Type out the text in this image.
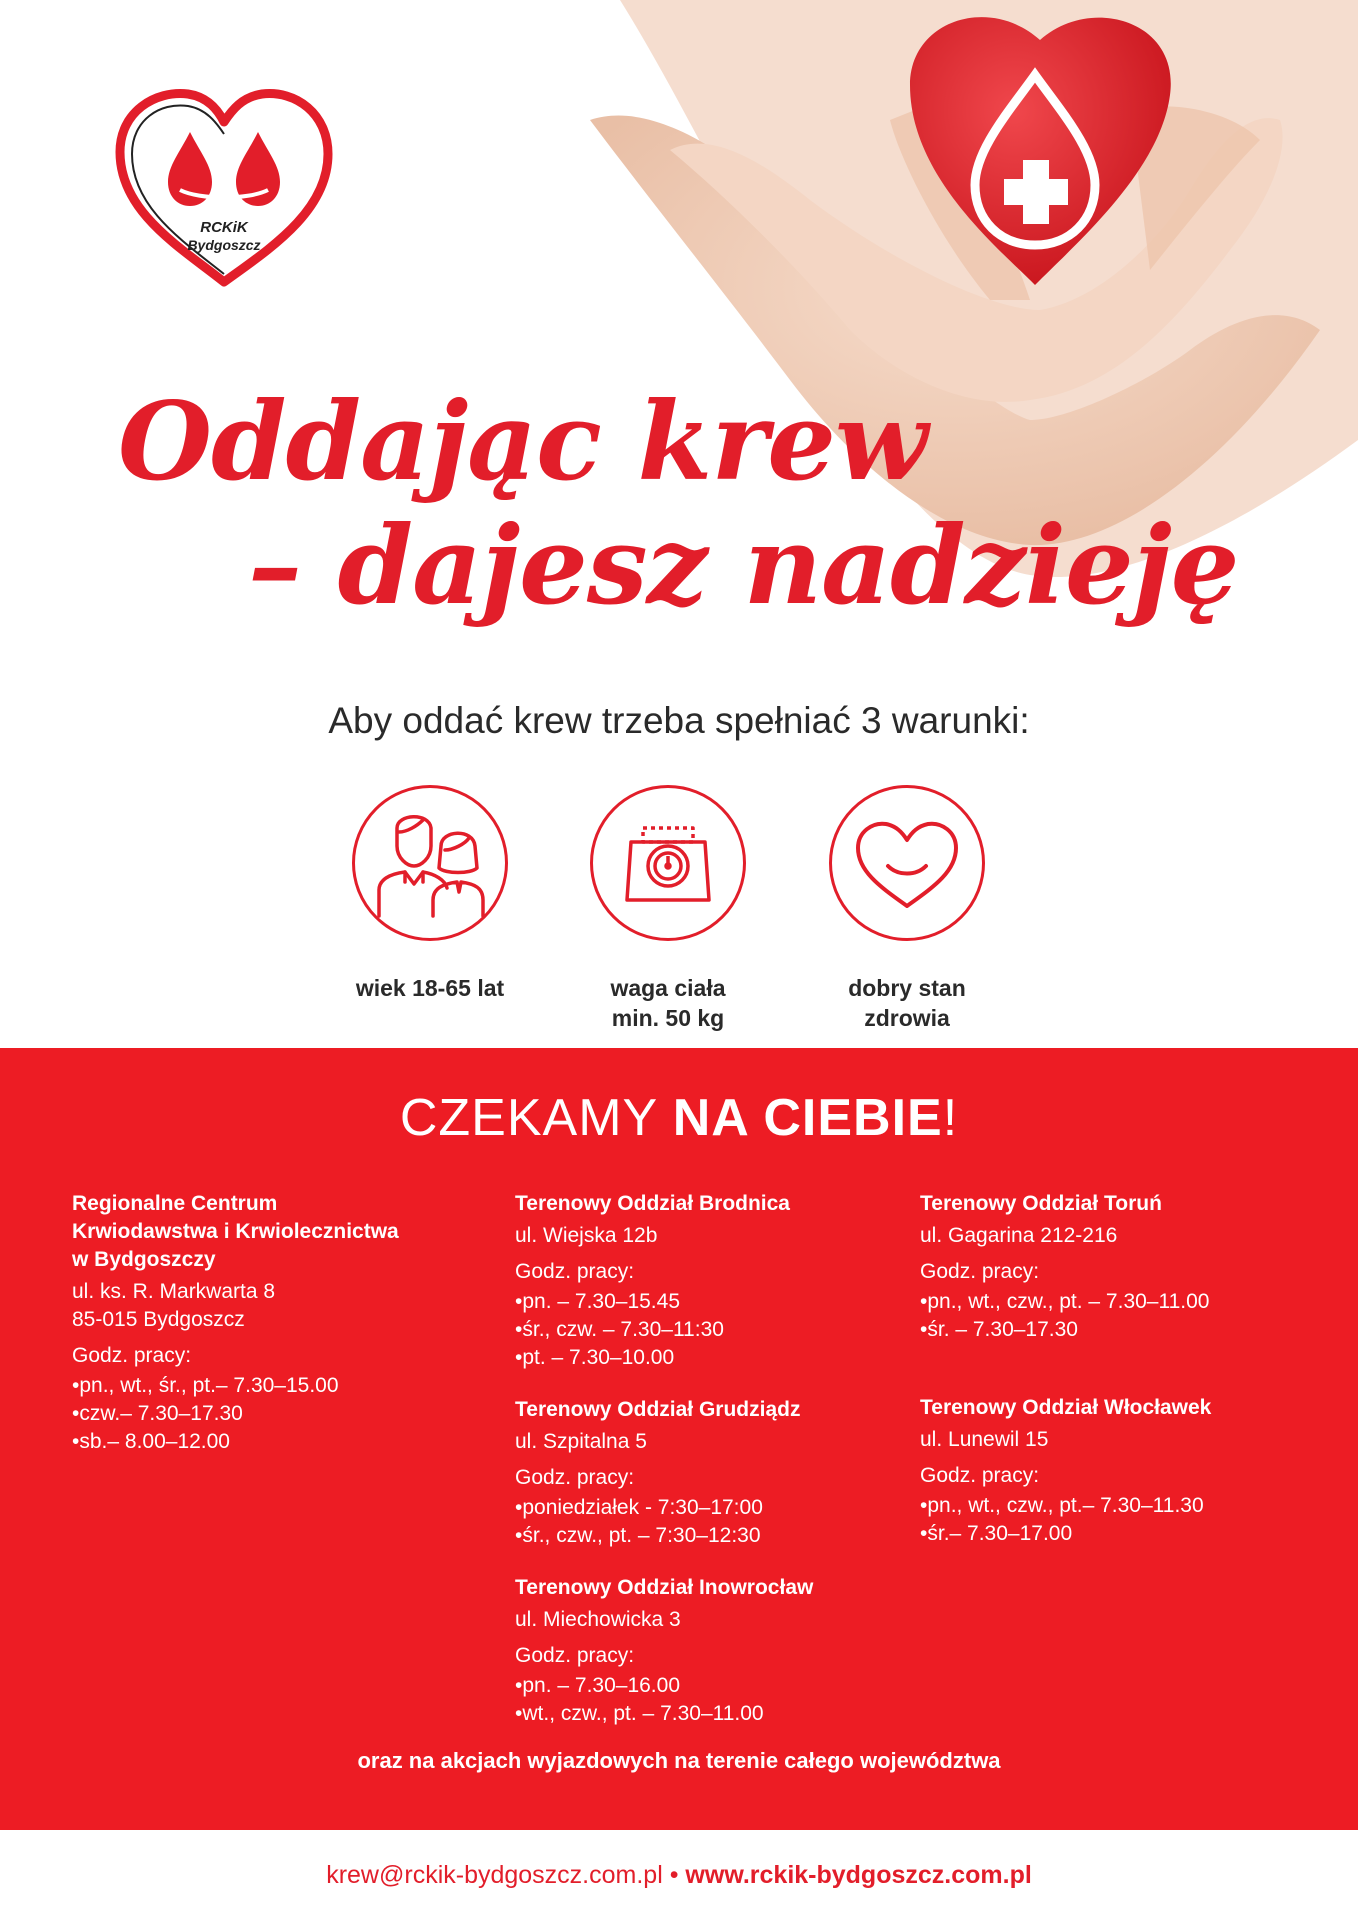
RCKiK
Bydgoszcz
Oddając krew
– dajesz nadzieję
Aby oddać krew trzeba spełniać 3 warunki:
wiek 18-65 lat	waga ciała
min. 50 kg
dobry stan
zdrowia
CZEKAMY NA CIEBIE!
Regionalne Centrum
Krwiodawstwa i Krwiolecznictwa
w Bydgoszczy
ul. ks. R. Markwarta 8
85-015 Bydgoszcz
Godz. pracy:
• pn., wt., śr., pt.– 7.30–15.00
• czw.– 7.30–17.30
• sb.– 8.00–12.00
Terenowy Oddział Brodnica
ul. Wiejska 12b
Godz. pracy:
• pn. – 7.30–15.45
• śr., czw. – 7.30–11:30
• pt. – 7.30–10.00
Terenowy Oddział Grudziądz
ul. Szpitalna 5
Godz. pracy:
• poniedziałek - 7:30–17:00
• śr., czw., pt. – 7:30–12:30
Terenowy Oddział Inowrocław
ul. Miechowicka 3
Godz. pracy:
• pn. – 7.30–16.00
• wt., czw., pt. – 7.30–11.00
Terenowy Oddział Toruń
ul. Gagarina 212-216
Godz. pracy:
• pn., wt., czw., pt. – 7.30–11.00
• śr. – 7.30–17.30
Terenowy Oddział Włocławek
ul. Lunewil 15
Godz. pracy:
• pn., wt., czw., pt.– 7.30–11.30
• śr.– 7.30–17.00
oraz na akcjach wyjazdowych na terenie całego województwa
krew@rckik-bydgoszcz.com.pl • www.rckik-bydgoszcz.com.pl
